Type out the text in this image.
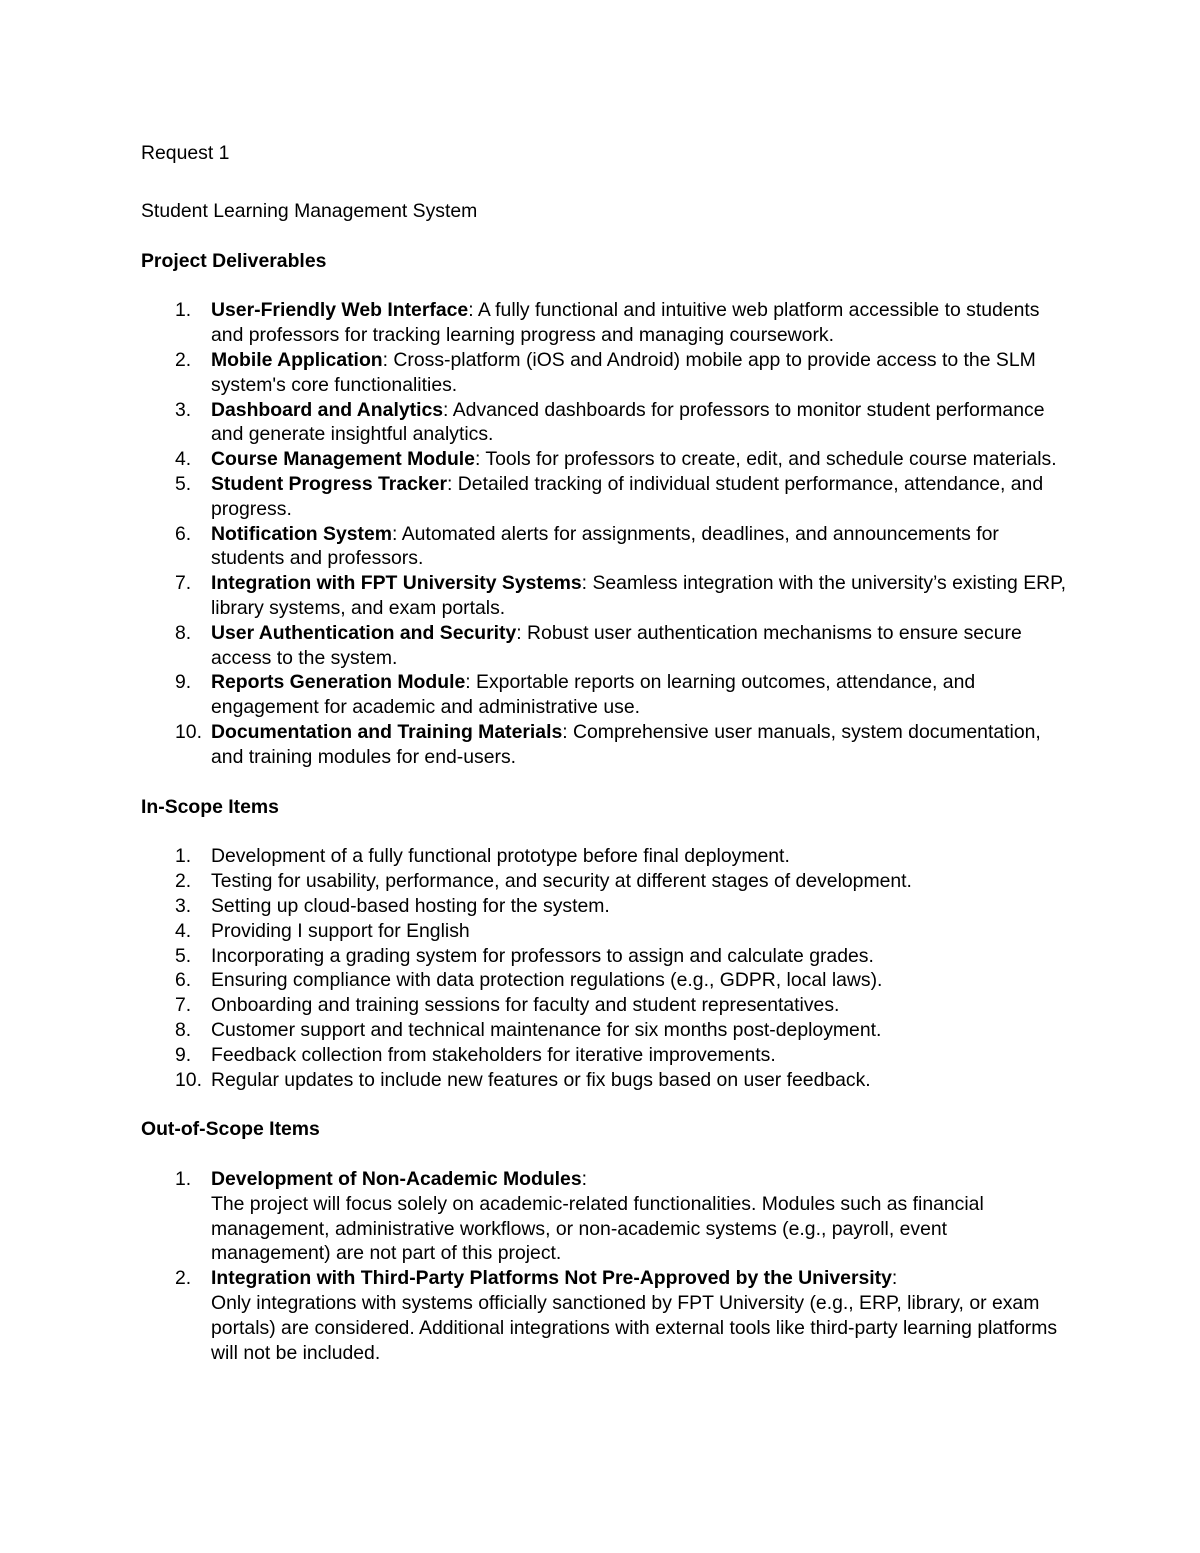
Request 1

Student Learning Management System

Project Deliverables
1. User-Friendly Web Interface: A fully functional and intuitive web platform accessible to students and professors for tracking learning progress and managing coursework.
2. Mobile Application: Cross-platform (iOS and Android) mobile app to provide access to the SLM system's core functionalities.
3. Dashboard and Analytics: Advanced dashboards for professors to monitor student performance and generate insightful analytics.
4. Course Management Module: Tools for professors to create, edit, and schedule course materials.
5. Student Progress Tracker: Detailed tracking of individual student performance, attendance, and progress.
6. Notification System: Automated alerts for assignments, deadlines, and announcements for students and professors.
7. Integration with FPT University Systems: Seamless integration with the university’s existing ERP, library systems, and exam portals.
8. User Authentication and Security: Robust user authentication mechanisms to ensure secure access to the system.
9. Reports Generation Module: Exportable reports on learning outcomes, attendance, and engagement for academic and administrative use.
10. Documentation and Training Materials: Comprehensive user manuals, system documentation, and training modules for end-users.
In-Scope Items
1. Development of a fully functional prototype before final deployment.
2. Testing for usability, performance, and security at different stages of development.
3. Setting up cloud-based hosting for the system.
4. Providing I support for English
5. Incorporating a grading system for professors to assign and calculate grades.
6. Ensuring compliance with data protection regulations (e.g., GDPR, local laws).
7. Onboarding and training sessions for faculty and student representatives.
8. Customer support and technical maintenance for six months post-deployment.
9. Feedback collection from stakeholders for iterative improvements.
10. Regular updates to include new features or fix bugs based on user feedback.
Out-of-Scope Items
1. Development of Non-Academic Modules:
The project will focus solely on academic-related functionalities. Modules such as financial management, administrative workflows, or non-academic systems (e.g., payroll, event management) are not part of this project.
2. Integration with Third-Party Platforms Not Pre-Approved by the University:
Only integrations with systems officially sanctioned by FPT University (e.g., ERP, library, or exam portals) are considered. Additional integrations with external tools like third-party learning platforms will not be included.
